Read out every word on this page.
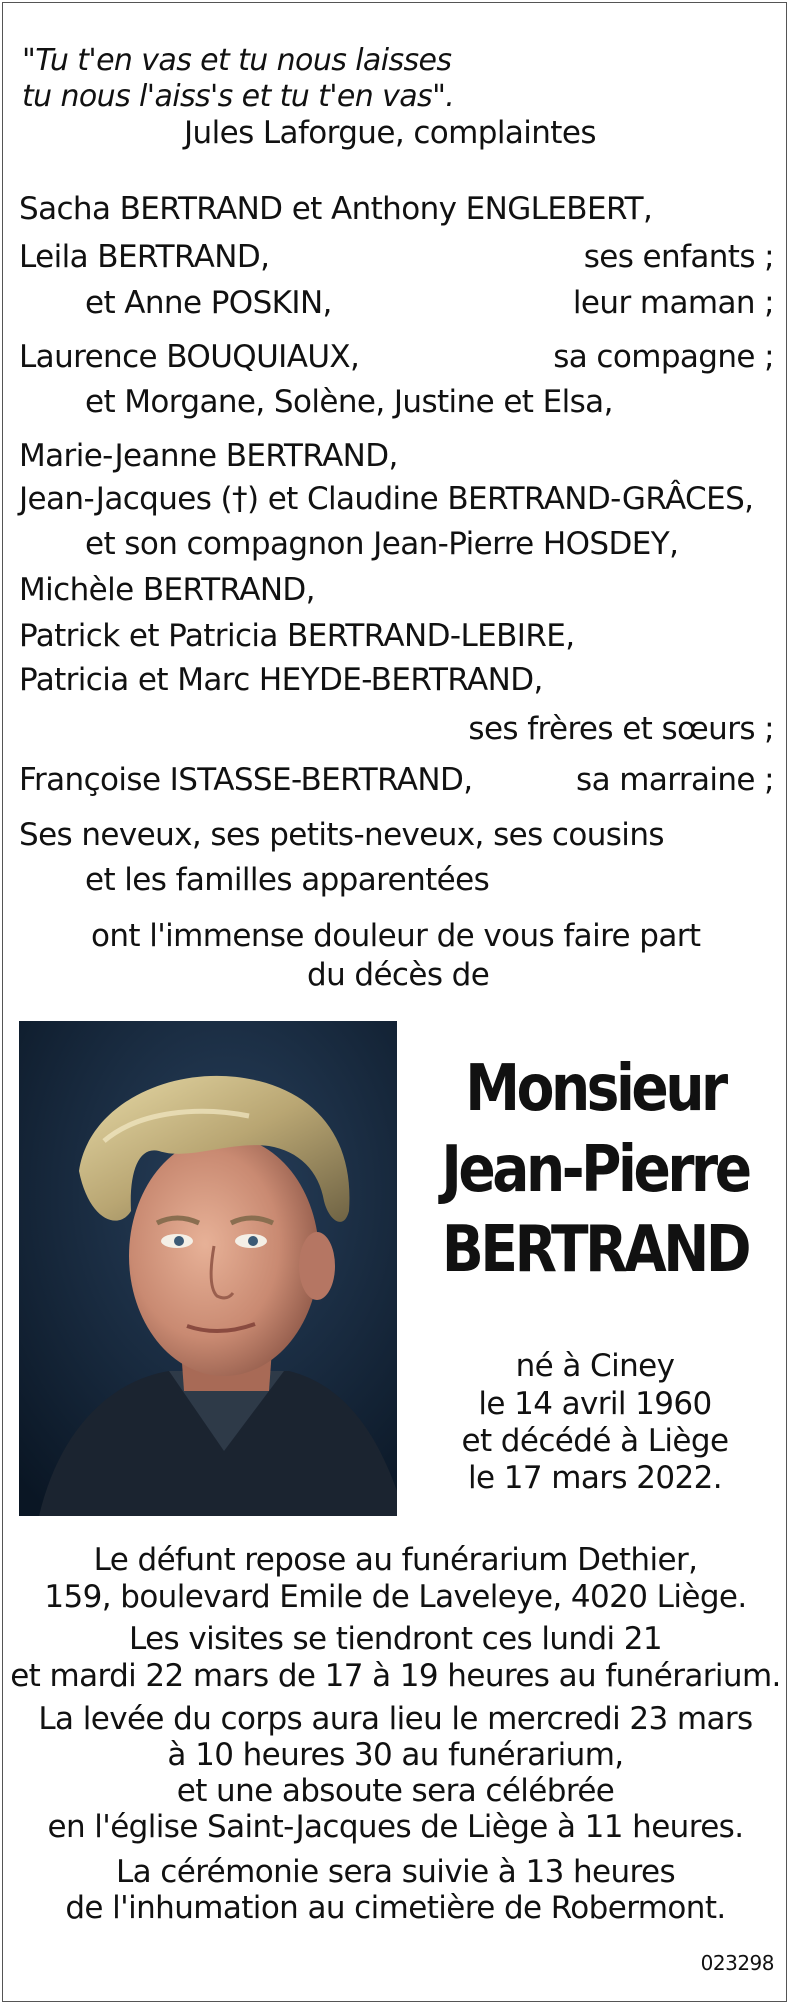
"Tu t'en vas et tu nous laisses
tu nous l'aiss's et tu t'en vas".
Jules Laforgue, complaintes
Sacha BERTRAND et Anthony ENGLEBERT,
Leila BERTRAND,	ses enfants ;
et Anne POSKIN,	leur maman ;
Laurence BOUQUIAUX,	sa compagne ;
et Morgane, Solène, Justine et Elsa,
Marie-Jeanne BERTRAND,
Jean-Jacques (†) et Claudine BERTRAND-GRÂCES,
et son compagnon Jean-Pierre HOSDEY,
Michèle BERTRAND,
Patrick et Patricia BERTRAND-LEBIRE,
Patricia et Marc HEYDE-BERTRAND,
ses frères et sœurs ;
Françoise ISTASSE-BERTRAND,	sa marraine ;
Ses neveux, ses petits-neveux, ses cousins
et les familles apparentées
ont l'immense douleur de vous faire part
du décès de
Monsieur
Jean-Pierre
BERTRAND
né à Ciney
le 14 avril 1960
et décédé à Liège
le 17 mars 2022.
Le défunt repose au funérarium Dethier,
159, boulevard Emile de Laveleye, 4020 Liège.
Les visites se tiendront ces lundi 21
et mardi 22 mars de 17 à 19 heures au funérarium.
La levée du corps aura lieu le mercredi 23 mars
à 10 heures 30 au funérarium,
et une absoute sera célébrée
en l'église Saint-Jacques de Liège à 11 heures.
La cérémonie sera suivie à 13 heures
de l'inhumation au cimetière de Robermont.
023298
